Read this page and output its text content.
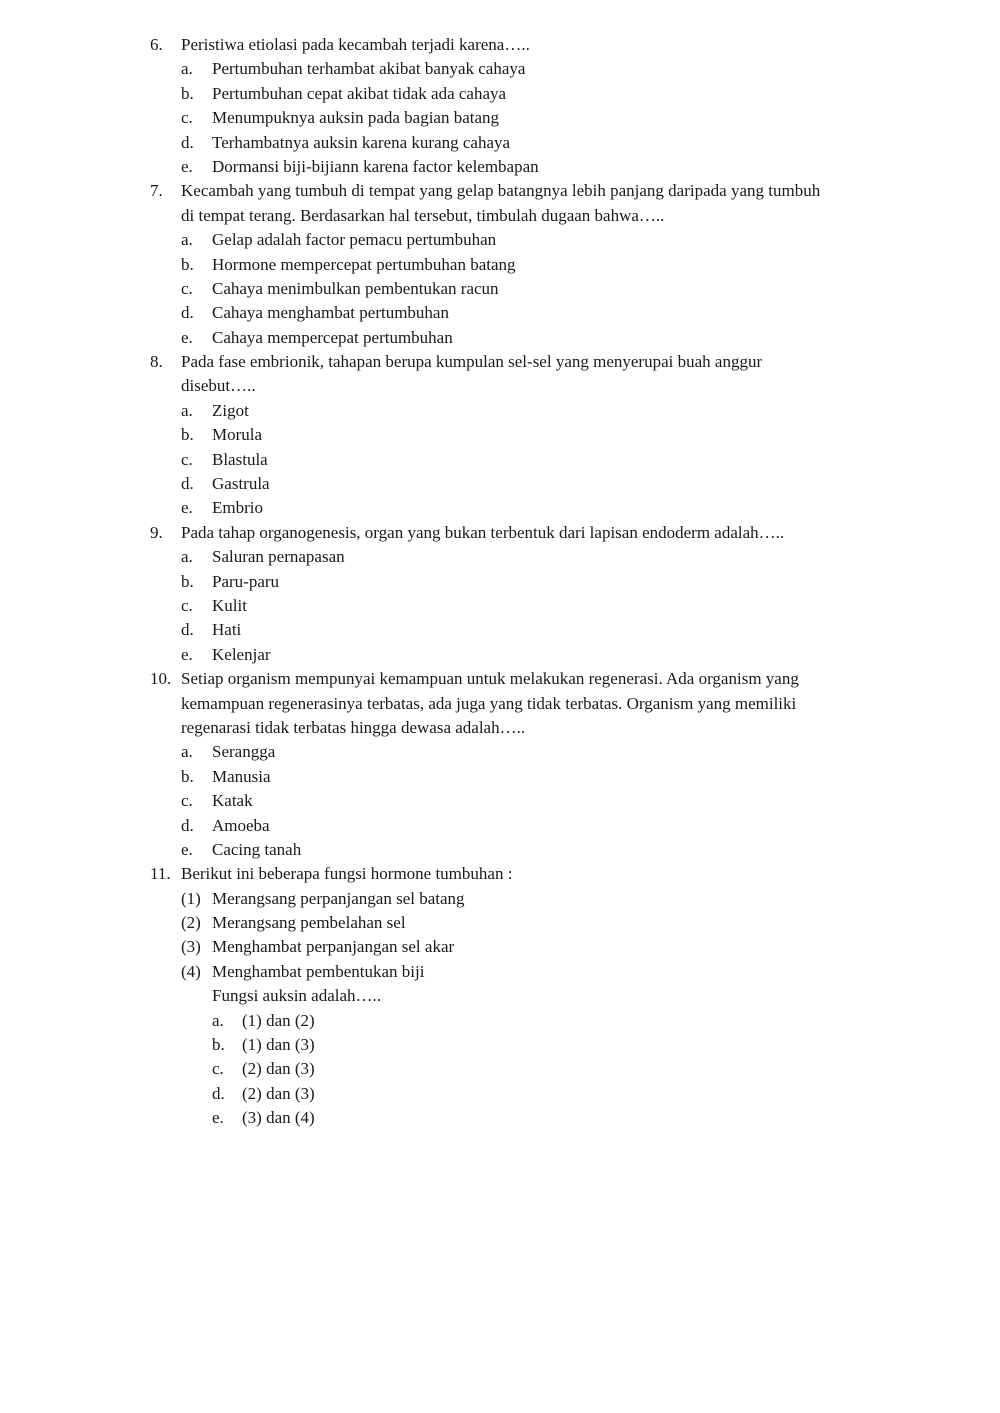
6. Peristiwa etiolasi pada kecambah terjadi karena…..
a. Pertumbuhan terhambat akibat banyak cahaya
b. Pertumbuhan cepat akibat tidak ada cahaya
c. Menumpuknya auksin pada bagian batang
d. Terhambatnya auksin karena kurang cahaya
e. Dormansi biji-bijiann karena factor kelembapan
7. Kecambah yang tumbuh di tempat yang gelap batangnya lebih panjang daripada yang tumbuh
di tempat terang. Berdasarkan hal tersebut, timbulah dugaan bahwa…..
a. Gelap adalah factor pemacu pertumbuhan
b. Hormone mempercepat pertumbuhan batang
c. Cahaya menimbulkan pembentukan racun
d. Cahaya menghambat pertumbuhan
e. Cahaya mempercepat pertumbuhan
8. Pada fase embrionik, tahapan berupa kumpulan sel-sel yang menyerupai buah anggur
disebut…..
a. Zigot
b. Morula
c. Blastula
d. Gastrula
e. Embrio
9. Pada tahap organogenesis, organ yang bukan terbentuk dari lapisan endoderm adalah…..
a. Saluran pernapasan
b. Paru-paru
c. Kulit
d. Hati
e. Kelenjar
10. Setiap organism mempunyai kemampuan untuk melakukan regenerasi. Ada organism yang
kemampuan regenerasinya terbatas, ada juga yang tidak terbatas. Organism yang memiliki
regenarasi tidak terbatas hingga dewasa adalah…..
a. Serangga
b. Manusia
c. Katak
d. Amoeba
e. Cacing tanah
11. Berikut ini beberapa fungsi hormone tumbuhan :
(1) Merangsang perpanjangan sel batang
(2) Merangsang pembelahan sel
(3) Menghambat perpanjangan sel akar
(4) Menghambat pembentukan biji
Fungsi auksin adalah…..
a. (1) dan (2)
b. (1) dan (3)
c. (2) dan (3)
d. (2) dan (3)
e. (3) dan (4)
